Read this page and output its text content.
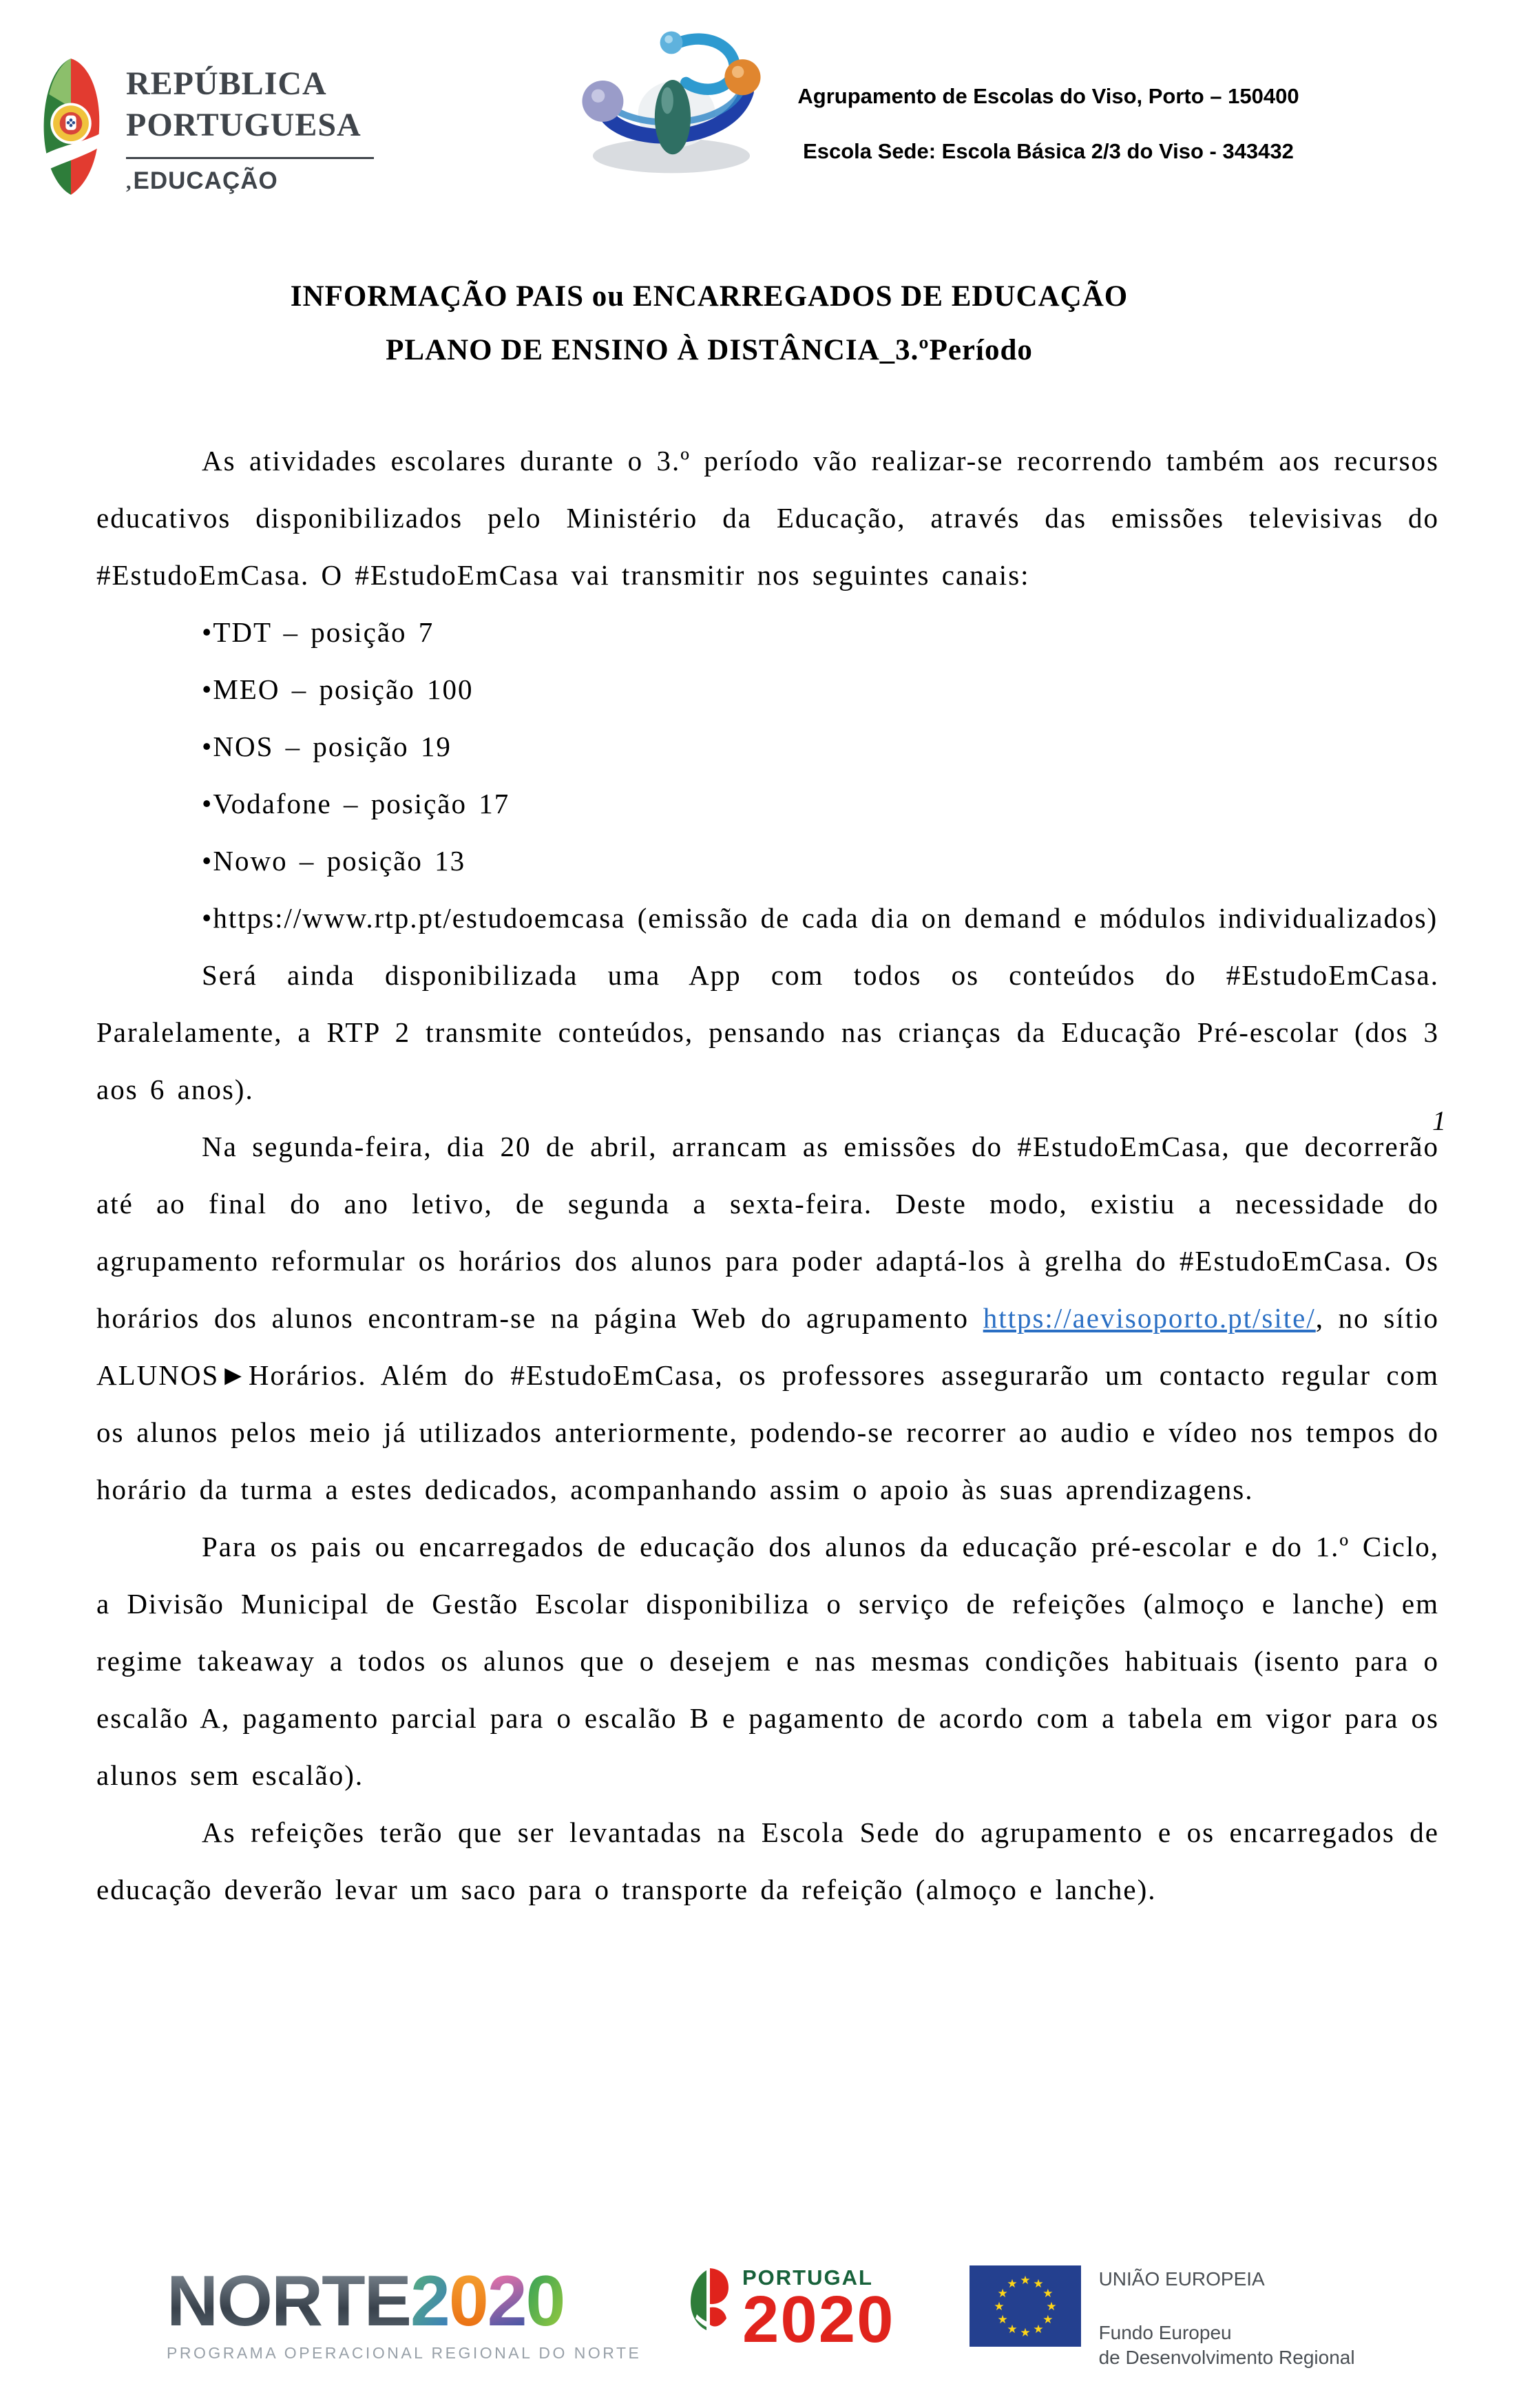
REPÚBLICA
PORTUGUESA
,EDUCAÇÃO
Agrupamento de Escolas do Viso, Porto – 150400
Escola Sede: Escola Básica 2/3 do Viso - 343432
INFORMAÇÃO PAIS ou ENCARREGADOS DE EDUCAÇÃO
PLANO DE ENSINO À DISTÂNCIA_3.ºPeríodo

As atividades escolares durante o 3.º período vão realizar-se recorrendo também aos recursos educativos disponibilizados pelo Ministério da Educação, através das emissões televisivas do #EstudoEmCasa. O #EstudoEmCasa vai transmitir nos seguintes canais:

•TDT – posição 7

•MEO – posição 100

•NOS – posição 19

•Vodafone – posição 17

•Nowo – posição 13

•https://www.rtp.pt/estudoemcasa (emissão de cada dia on demand e módulos individualizados)

Será ainda disponibilizada uma App com todos os conteúdos do #EstudoEmCasa. Paralelamente, a RTP 2 transmite conteúdos, pensando nas crianças da Educação Pré-escolar (dos 3 aos 6 anos).

Na segunda-feira, dia 20 de abril, arrancam as emissões do #EstudoEmCasa, que decorrerão até ao final do ano letivo, de segunda a sexta-feira. Deste modo, existiu a necessidade do agrupamento reformular os horários dos alunos para poder adaptá-los à grelha do #EstudoEmCasa. Os horários dos alunos encontram-se na página Web do agrupamento https://aevisoporto.pt/site/, no sítio ALUNOS►Horários. Além do #EstudoEmCasa, os professores assegurarão um contacto regular com os alunos pelos meio já utilizados anteriormente, podendo-se recorrer ao audio e vídeo nos tempos do horário da turma a estes dedicados, acompanhando assim o apoio às suas aprendizagens.

Para os pais ou encarregados de educação dos alunos da educação pré-escolar e do 1.º Ciclo, a Divisão Municipal de Gestão Escolar disponibiliza o serviço de refeições (almoço e lanche) em regime takeaway a todos os alunos que o desejem e nas mesmas condições habituais (isento para o escalão A, pagamento parcial para o escalão B e pagamento de acordo com a tabela em vigor para os alunos sem escalão).

As refeições terão que ser levantadas na Escola Sede do agrupamento e os encarregados de educação deverão levar um saco para o transporte da refeição (almoço e lanche).

1
NORTE 2 0 2 0
PROGRAMA OPERACIONAL REGIONAL DO NORTE
PORTUGAL
2020
★ ★
★
★
★
★
★
★
★
★
★
★	UNIÃO EUROPEIA
Fundo Europeu
de Desenvolvimento Regional
